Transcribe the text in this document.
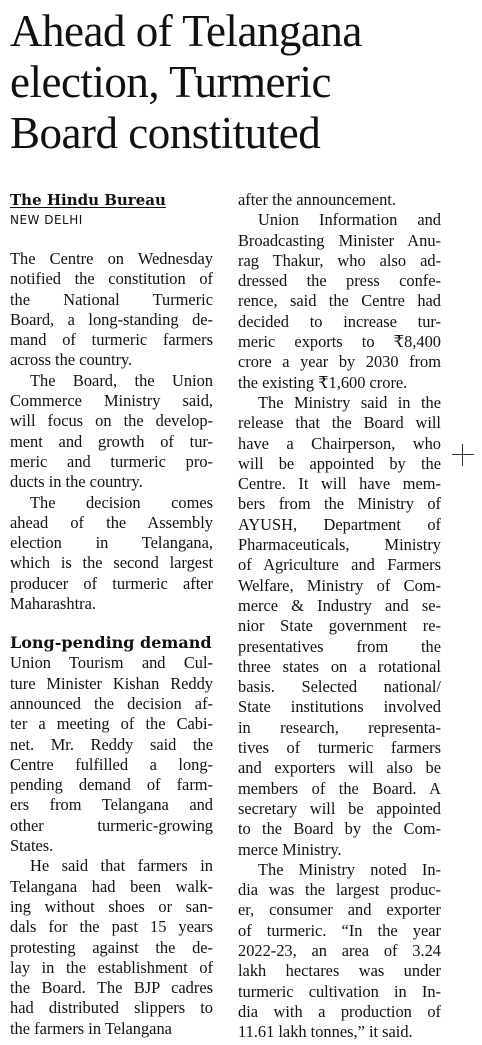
Ahead of Telangana
election, Turmeric
Board constituted
The Hindu Bureau
NEW DELHI
The Centre on Wednesday
notified the constitution of
the National Turmeric
Board, a long-standing de-
mand of turmeric farmers
across the country.
The Board, the Union
Commerce Ministry said,
will focus on the develop-
ment and growth of tur-
meric and turmeric pro-
ducts in the country.
The decision comes
ahead of the Assembly
election in Telangana,
which is the second largest
producer of turmeric after
Maharashtra.
Long-pending demand
Union Tourism and Cul-
ture Minister Kishan Reddy
announced the decision af-
ter a meeting of the Cabi-
net. Mr. Reddy said the
Centre fulfilled a long-
pending demand of farm-
ers from Telangana and
other turmeric-growing
States.
He said that farmers in
Telangana had been walk-
ing without shoes or san-
dals for the past 15 years
protesting against the de-
lay in the establishment of
the Board. The BJP cadres
had distributed slippers to
the farmers in Telangana
after the announcement.
Union Information and
Broadcasting Minister Anu-
rag Thakur, who also ad-
dressed the press confe-
rence, said the Centre had
decided to increase tur-
meric exports to ₹8,400
crore a year by 2030 from
the existing ₹1,600 crore.
The Ministry said in the
release that the Board will
have a Chairperson, who
will be appointed by the
Centre. It will have mem-
bers from the Ministry of
AYUSH, Department of
Pharmaceuticals, Ministry
of Agriculture and Farmers
Welfare, Ministry of Com-
merce & Industry and se-
nior State government re-
presentatives from the
three states on a rotational
basis. Selected national/
State institutions involved
in research, representa-
tives of turmeric farmers
and exporters will also be
members of the Board. A
secretary will be appointed
to the Board by the Com-
merce Ministry.
The Ministry noted In-
dia was the largest produc-
er, consumer and exporter
of turmeric. “In the year
2022-23, an area of 3.24
lakh hectares was under
turmeric cultivation in In-
dia with a production of
11.61 lakh tonnes,” it said.
